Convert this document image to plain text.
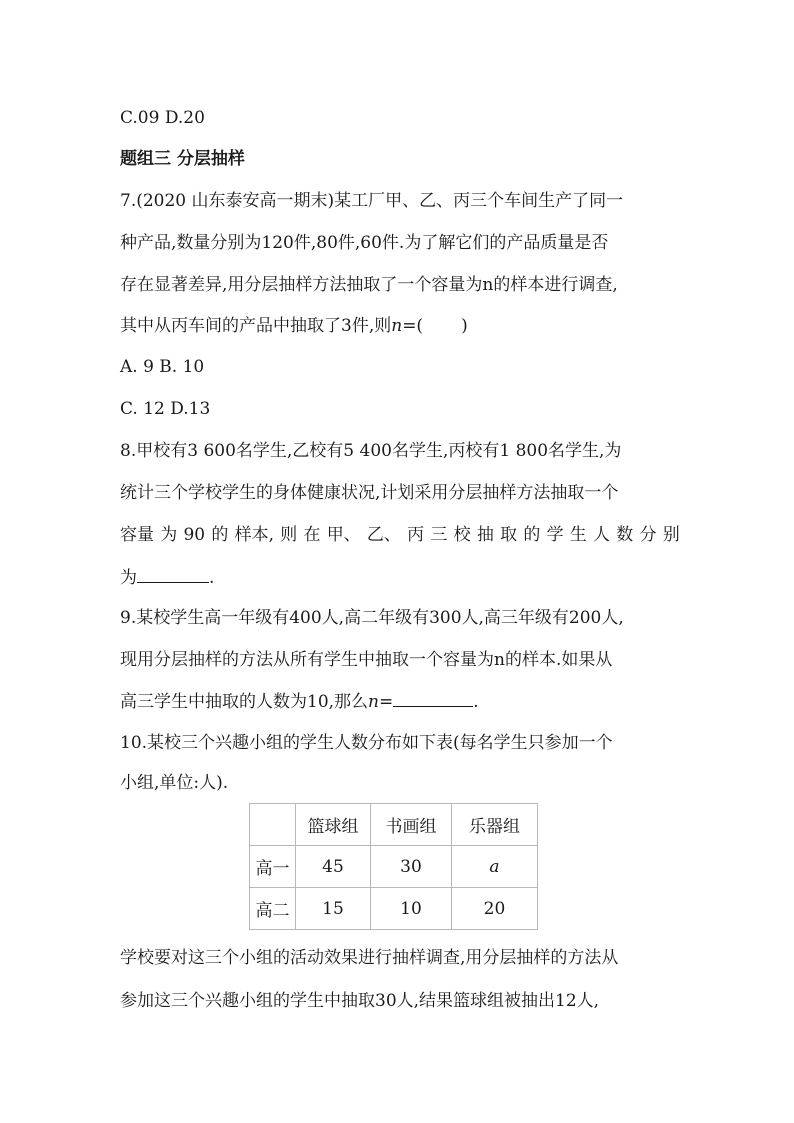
C.09 D.20
题组三 分层抽样
7.(2020 山东泰安高一期末)某工厂甲、乙、丙三个车间生产了同一
种产品,数量分别为120件,80件,60件.为了解它们的产品质量是否
存在显著差异,用分层抽样方法抽取了一个容量为n的样本进行调查,
其中从丙车间的产品中抽取了3件,则n=( )
A. 9 B. 10
C. 12 D.13
8.甲校有3 600名学生,乙校有5 400名学生,丙校有1 800名学生,为
统计三个学校学生的身体健康状况,计划采用分层抽样方法抽取一个
容量 为 90 的 样本, 则 在 甲、 乙、 丙 三 校 抽 取 的 学 生 人 数 分 别
为	.
9.某校学生高一年级有400人,高二年级有300人,高三年级有200人,
现用分层抽样的方法从所有学生中抽取一个容量为n的样本.如果从
高三学生中抽取的人数为10,那么n=	.
10.某校三个兴趣小组的学生人数分布如下表(每名学生只参加一个
小组,单位:人).
	篮球组	书画组	乐器组
高一	45	30	a
高二	15	10	20
学校要对这三个小组的活动效果进行抽样调查,用分层抽样的方法从
参加这三个兴趣小组的学生中抽取30人,结果篮球组被抽出12人,
